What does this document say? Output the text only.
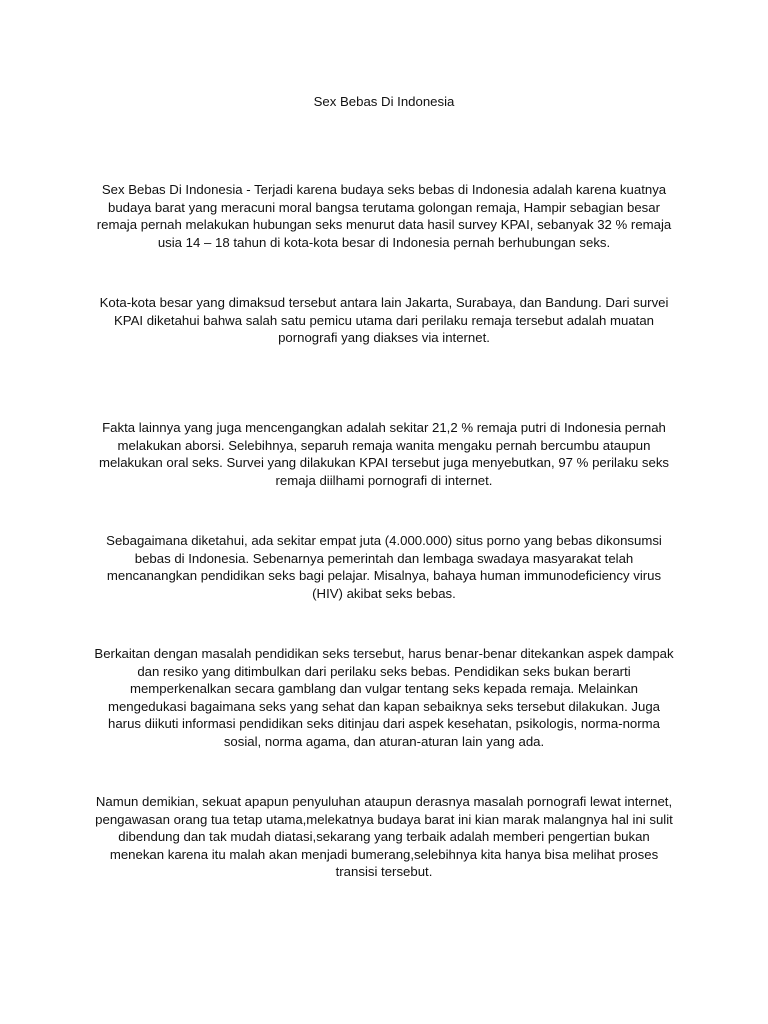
Sex Bebas Di Indonesia

Sex Bebas Di Indonesia - Terjadi karena budaya seks bebas di Indonesia adalah karena kuatnya budaya barat yang meracuni moral bangsa terutama golongan remaja, Hampir sebagian besar remaja pernah melakukan hubungan seks menurut data hasil survey KPAI, sebanyak 32 % remaja usia 14 – 18 tahun di kota-kota besar di Indonesia pernah berhubungan seks.

Kota-kota besar yang dimaksud tersebut antara lain Jakarta, Surabaya, dan Bandung. Dari survei KPAI diketahui bahwa salah satu pemicu utama dari perilaku remaja tersebut adalah muatan pornografi yang diakses via internet.

Fakta lainnya yang juga mencengangkan adalah sekitar 21,2 % remaja putri di Indonesia pernah melakukan aborsi. Selebihnya, separuh remaja wanita mengaku pernah bercumbu ataupun melakukan oral seks. Survei yang dilakukan KPAI tersebut juga menyebutkan, 97 % perilaku seks remaja diilhami pornografi di internet.

Sebagaimana diketahui, ada sekitar empat juta (4.000.000) situs porno yang bebas dikonsumsi bebas di Indonesia. Sebenarnya pemerintah dan lembaga swadaya masyarakat telah mencanangkan pendidikan seks bagi pelajar. Misalnya, bahaya human immunodeficiency virus (HIV) akibat seks bebas.

Berkaitan dengan masalah pendidikan seks tersebut, harus benar-benar ditekankan aspek dampak dan resiko yang ditimbulkan dari perilaku seks bebas. Pendidikan seks bukan berarti memperkenalkan secara gamblang dan vulgar tentang seks kepada remaja. Melainkan mengedukasi bagaimana seks yang sehat dan kapan sebaiknya seks tersebut dilakukan. Juga harus diikuti informasi pendidikan seks ditinjau dari aspek kesehatan, psikologis, norma-norma sosial, norma agama, dan aturan-aturan lain yang ada.

Namun demikian, sekuat apapun penyuluhan ataupun derasnya masalah pornografi lewat internet, pengawasan orang tua tetap utama,melekatnya budaya barat ini kian marak malangnya hal ini sulit dibendung dan tak mudah diatasi,sekarang yang terbaik adalah memberi pengertian bukan menekan karena itu malah akan menjadi bumerang,selebihnya kita hanya bisa melihat proses transisi tersebut.
